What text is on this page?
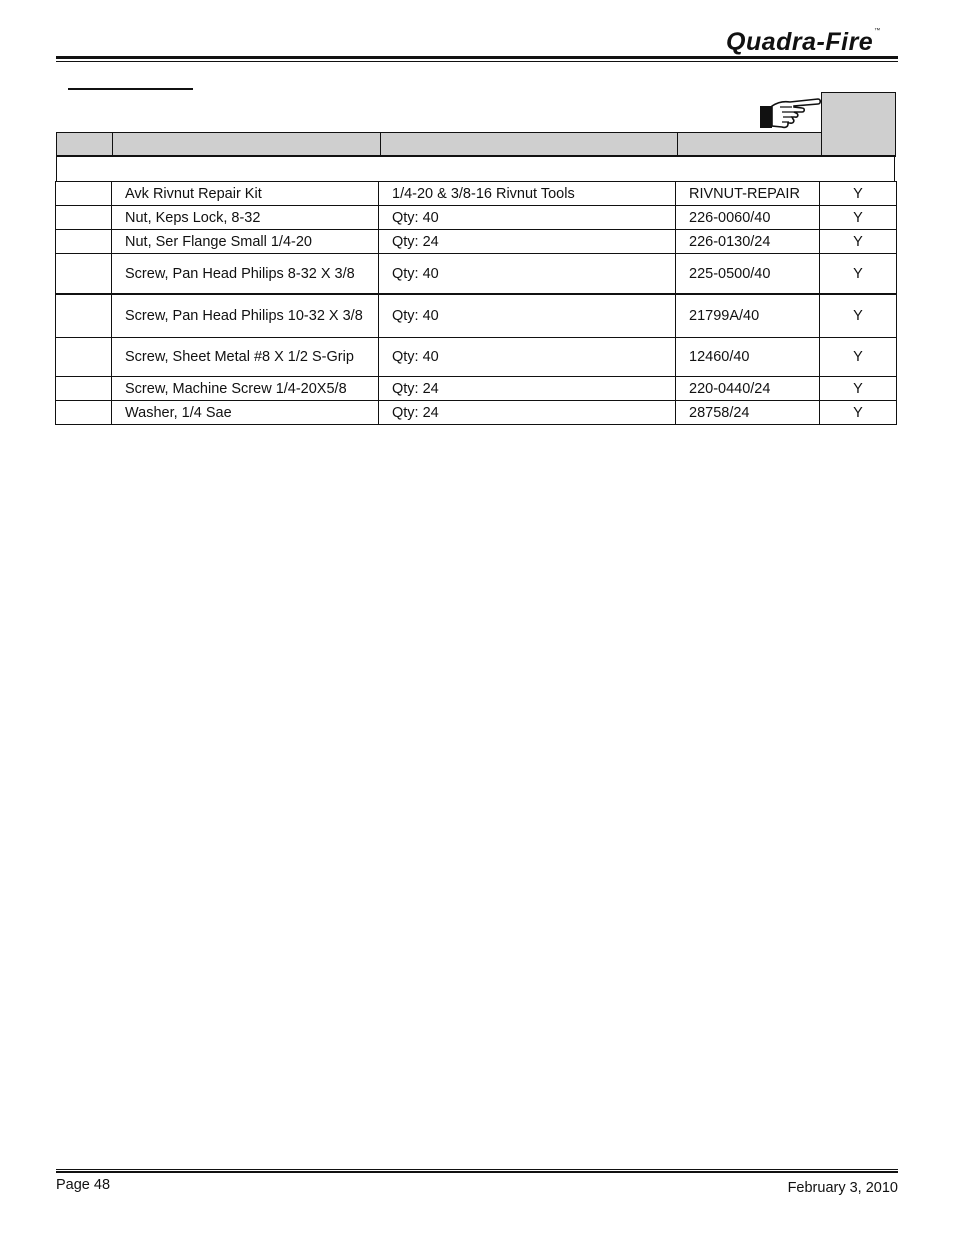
Quadra-Fire™
	Avk Rivnut Repair Kit	1/4-20 & 3/8-16 Rivnut Tools	RIVNUT-REPAIR	Y
	Nut, Keps Lock, 8-32	Qty: 40	226-0060/40	Y
	Nut, Ser Flange Small 1/4-20	Qty: 24	226-0130/24	Y
	Screw, Pan Head Philips 8-32 X 3/8	Qty: 40	225-0500/40	Y
	Screw, Pan Head Philips 10-32 X 3/8	Qty: 40	21799A/40	Y
	Screw, Sheet Metal #8 X 1/2 S-Grip	Qty: 40	12460/40	Y
	Screw, Machine Screw 1/4-20X5/8	Qty: 24	220-0440/24	Y
	Washer, 1/4 Sae	Qty: 24	28758/24	Y
Page 48	February 3, 2010
